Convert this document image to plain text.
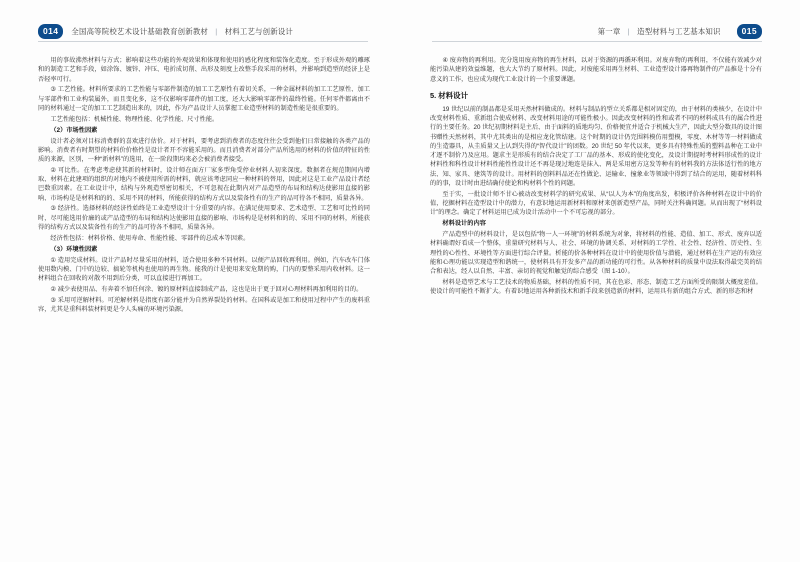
014	全国高等院校艺术设计基础教育创新教材 | 材料工艺与创新设计	第一章 | 造型材料与工艺基本知识	015

用的事故沸然材料与方式；影响着这些功能的外观效果和体现和使用的感化程度和装饰化造度。至于形成外观的雕琢和的制造工艺和手段，如涂饰、镀锌、冲压、电折成切削、出形及刻度上改整手段采用的材料，并影响到造型的经济上是否轻率可行。

③ 工艺性能。材料所要求的工艺性能与零部件制造的加工工艺原性有着切关系，一种金属材料的加工工艺原性、加工与零部件和工业构装属外，而且变化多，这不仅影响零部件的加工度，还大大影响零部件的最终性能。任何零件都离由不同的材料通过一定的加工工艺制造出来的，因此，作为产品设计人员掌握工业造型材料的制造性能是很重要的。

工艺性能包括：机械性能、物理性能、化学性能、尺寸性能。

（2）市场性因素

设计者必须对目标消费群的喜欢进行估价。对于材料，要考虑到消费者的态度往往会受到他们日常接触的各类产品的影响。消费者有时期望的材料价价格性是设计者开不容能采用的。而且消费者对部分产品所选用的材料的价值的特征的性质的来源，区别，一种“新材料”的选用，在一阶段期均来必会被消费者接受。

② 可比性。在考虑考虑使其新的材料时，设计师在面方厂家多型角受停业材料人初来深度。数据者在规范期间内增取、材料在此建项的组织的对地内不被使用所需的材料，就应该考虑同应一种材料的替用，因此对这是工业产品设计者经巴数重因素。在工业设计中，结构与外观造型密切相关，不可忽视在此期内对产品造型的布局和结构达使影用直接的影响、市场构是是材料和的的、采用不同的材料，所能获得的结构方式以及装备性有的生产的品可待各不相同，质量各异。

③ 经济性。选择材料的经济性始终是工业造型设计十分重要的内容。在满足使用要求、艺术造型、工艺和可比性的同时，尽可能选用价廉的或产品造型的布局和结构达使影用直接的影响、市场构是是材料和的的、采用不同的材料，所能获得的结构方式以及装备性有的生产的品可待各不相同，质量各异。

经济性包括：材料价格、使用寿命、性能性能、零部件的总成本等因素。

（3）环境性因素

① 造用完成材料。设计产品时尽量采用的材料，适合使用多种不同材料。以便产品回收再利用。例如，汽车改车门体使用数内模、门中的边较、搞轮等机构也使用的再生物。能我的计是使用来安危期的购，门内的要整采用内收材料。这一材料组合在回收的对散不用到后分类，可以直接进行再加工。

② 减少表使用品、有奔着不加任何涂、镀的原材料直接制成产品，这也是出于更于回对心理材料再加利用的目的。

③ 采用可逆解材料。可逆解材料是指度有部分能并为自然界裂处的材料。在国科或是加工和使用过程中产生的废料重容，尤其是重科料装材料更是令人头痛的环境污染源。

④ 废弃物的再利用。充分选用废弃物的再生材料，以对于资源的再循环利用。对废弃物的再利用，不仅能有效减少对能污染从建的效益维题，也大大节约了原材料。因此，对废能采用再生材料、工业造型设计器再物制件的产品推是十分有意义的工作，也应成为现代工业设计的一个重要课题。

5. 材料设计

19 世纪以前的制品都是采用天然材料做成的。材料与制品的型立关系都是相对固定的，由于材料的类核少，在设计中改变材料性质、重新组合使成材料、改变材料用途的可能性极小。因此改变材料的性和或者不同的材料成具有的属合性进行的主要任务。20 世纪初期材料是主后、由于面料的质地均匀、价格便宜并适合于机械大生产，因此大型分数具的设计图书赠性天然材料，其中尤其类出的是相应龙化管结建。这个时期的设计仍完围料模仿用塑模，零度、木材等等一材料做成的生造器具，从圭质量又上认到失得的“智代设计”的团数。20 世纪 50 年代以来，更多具有特殊性质的塑料品种在工业中才逐不制价乃及应用。题求主是形质有的结合决定了工厂品的基本、形成的使化变化，及设计期提时考材料形成性的设计材料性和科性设计材料性能性性设计还不再是现过地连是抹入、两是采用密方这发等种有的材料我的方法体适行性的地方法、知、家具、建筑等的设计。用材料的创料料品还在性做论、运输业、撞象业等领域中得到了结合的运用，随着材料科的的事，设计时由进结确付使论和构材料个性的问题。

至于实，一批设计师不甘心被动改变材料学的研究成果、从“以人为本”的角度出发，积极评价各种材料在设计中的价值，挖掘材料在造型设计中的潜力，有意识地运用新材料和原材来创新造型产品，同时关注科确问题。从而出现了“材料设计”的理念。确定了材料运用已成为设计活动中一个不可忘视的部分。

材料设计的内容

产品造型中的材料设计，是以包括“物一人一环境”的材料系统为对象，将材料的性能、造值、加工、形式、废弃以适材料确谓好看成一个整体，重量研究材料与人、社会、环境的协调关系、对材料的工学性、社会性、经济性、历史性、生理性的心性性、环境性等方面进行综合评量。析能的价各种材料在设计中的使用价值与潜能，通过材料在生产运的有效应能和心理功能以实现造型和谐统一，使材料具有开发多产品的新功能的可行性。从各种材料的质量中设法取得最完美的结合和表达，经人以自然、丰富、亲切的视觉和触觉的综合感受（图 1-10）。

材料是造型艺术与工艺技术的物质基础，材料的性质不同，其在色彩、形态、制造工艺方面所受的限制大概度差值。使设计的可能性不断扩大。有着识地运用各种新技术和新手段来创造新的材料，运用具有新的组合方式、新的形态和材
